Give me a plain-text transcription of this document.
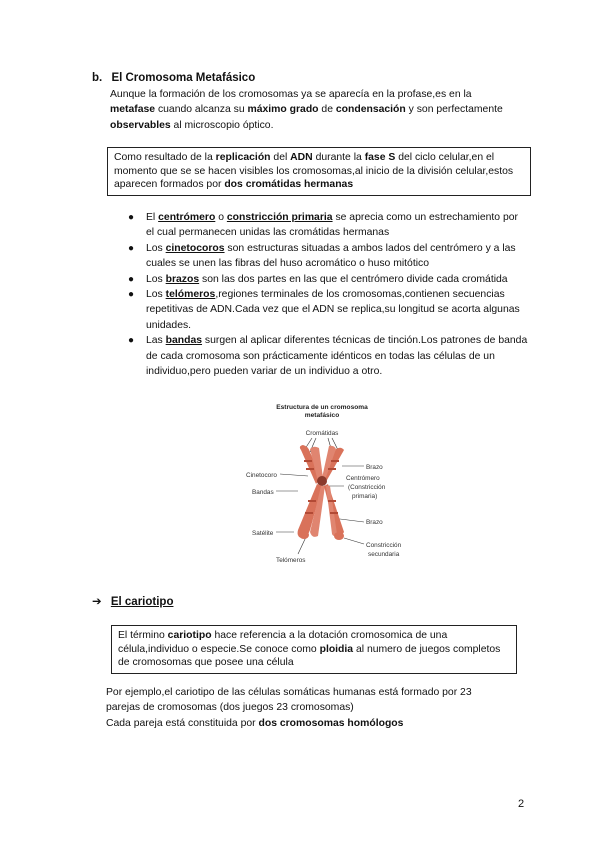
b. El Cromosoma Metafásico
Aunque la formación de los cromosomas ya se aparecía en la profase,es en la metafase cuando alcanza su máximo grado de condensación y son perfectamente observables al microscopio óptico.
Como resultado de la replicación del ADN durante la fase S del ciclo celular,en el momento que se se hacen visibles los cromosomas,al inicio de la división celular,estos aparecen formados por dos cromátidas hermanas
● El centrómero o constricción primaria se aprecia como un estrechamiento por el cual permanecen unidas las cromátidas hermanas
● Los cinetocoros son estructuras situadas a ambos lados del centrómero y a las cuales se unen las fibras del huso acromático o huso mitótico
● Los brazos son las dos partes en las que el centrómero divide cada cromátida
● Los telómeros,regiones terminales de los cromosomas,contienen secuencias repetitivas de ADN.Cada vez que el ADN se replica,su longitud se acorta algunas unidades.
● Las bandas surgen al aplicar diferentes técnicas de tinción.Los patrones de banda de cada cromosoma son prácticamente idénticos en todas las células de un individuo,pero pueden variar de un individuo a otro.
Estructura de un cromosoma
metafásico
Cromátidas
Brazo
Cinetocoro	Centrómero
(Constricción
primaria)
Bandas
Brazo
Satélite
Constricción
secundaria
Telómeros
➔ El cariotipo
El término cariotipo hace referencia a la dotación cromosomica de una célula,individuo o especie.Se conoce como ploidia al numero de juegos completos de cromosomas que posee una célula
Por ejemplo,el cariotipo de las células somáticas humanas está formado por 23 parejas de cromosomas (dos juegos 23 cromosomas)
Cada pareja está constituida por dos cromosomas homólogos
2
